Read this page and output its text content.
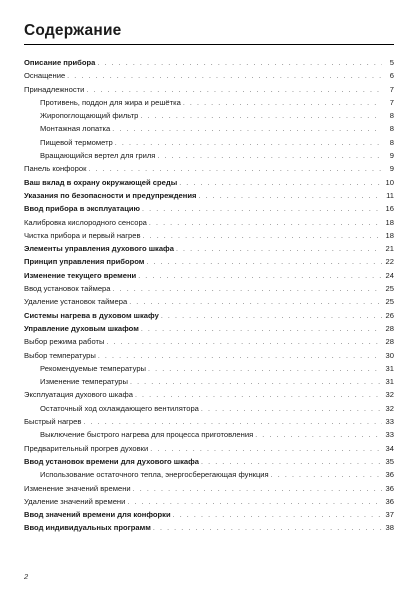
Содержание
Описание прибора . . .	5
Оснащение . . .	6
Принадлежности . . .	7
Противень, поддон для жира и решётка . . .	7
Жиропоглощающий фильтр . . .	8
Монтажная лопатка . . .	8
Пищевой термометр . . .	8
Вращающийся вертел для гриля . . .	9
Панель конфорок . . .	9
Ваш вклад в охрану окружающей среды . . .	10
Указания по безопасности и предупреждения . . .	11
Ввод прибора в эксплуатацию . . .	16
Калибровка кислородного сенсора . . .	18
Чистка прибора и первый нагрев . . .	18
Элементы управления духового шкафа . . .	21
Принцип управления прибором . . .	22
Изменение текущего времени . . .	24
Ввод установок таймера . . .	25
Удаление установок таймера . . .	25
Системы нагрева в духовом шкафу . . .	26
Управление духовым шкафом . . .	28
Выбор режима работы . . .	28
Выбор температуры . . .	30
Рекомендуемые температуры . . .	31
Изменение температуры . . .	31
Эксплуатация духового шкафа . . .	32
Остаточный ход охлаждающего вентилятора . . .	32
Быстрый нагрев . . .	33
Выключение быстрого нагрева для процесса приготовления . . .	33
Предварительный прогрев духовки . . .	34
Ввод установок времени для духового шкафа . . .	35
Использование остаточного тепла, энергосберегающая функция . . .	36
Изменение значений времени . . .	36
Удаление значений времени . . .	36
Ввод значений времени для конфорки . . .	37
Ввод индивидуальных программ . . .	38
2
